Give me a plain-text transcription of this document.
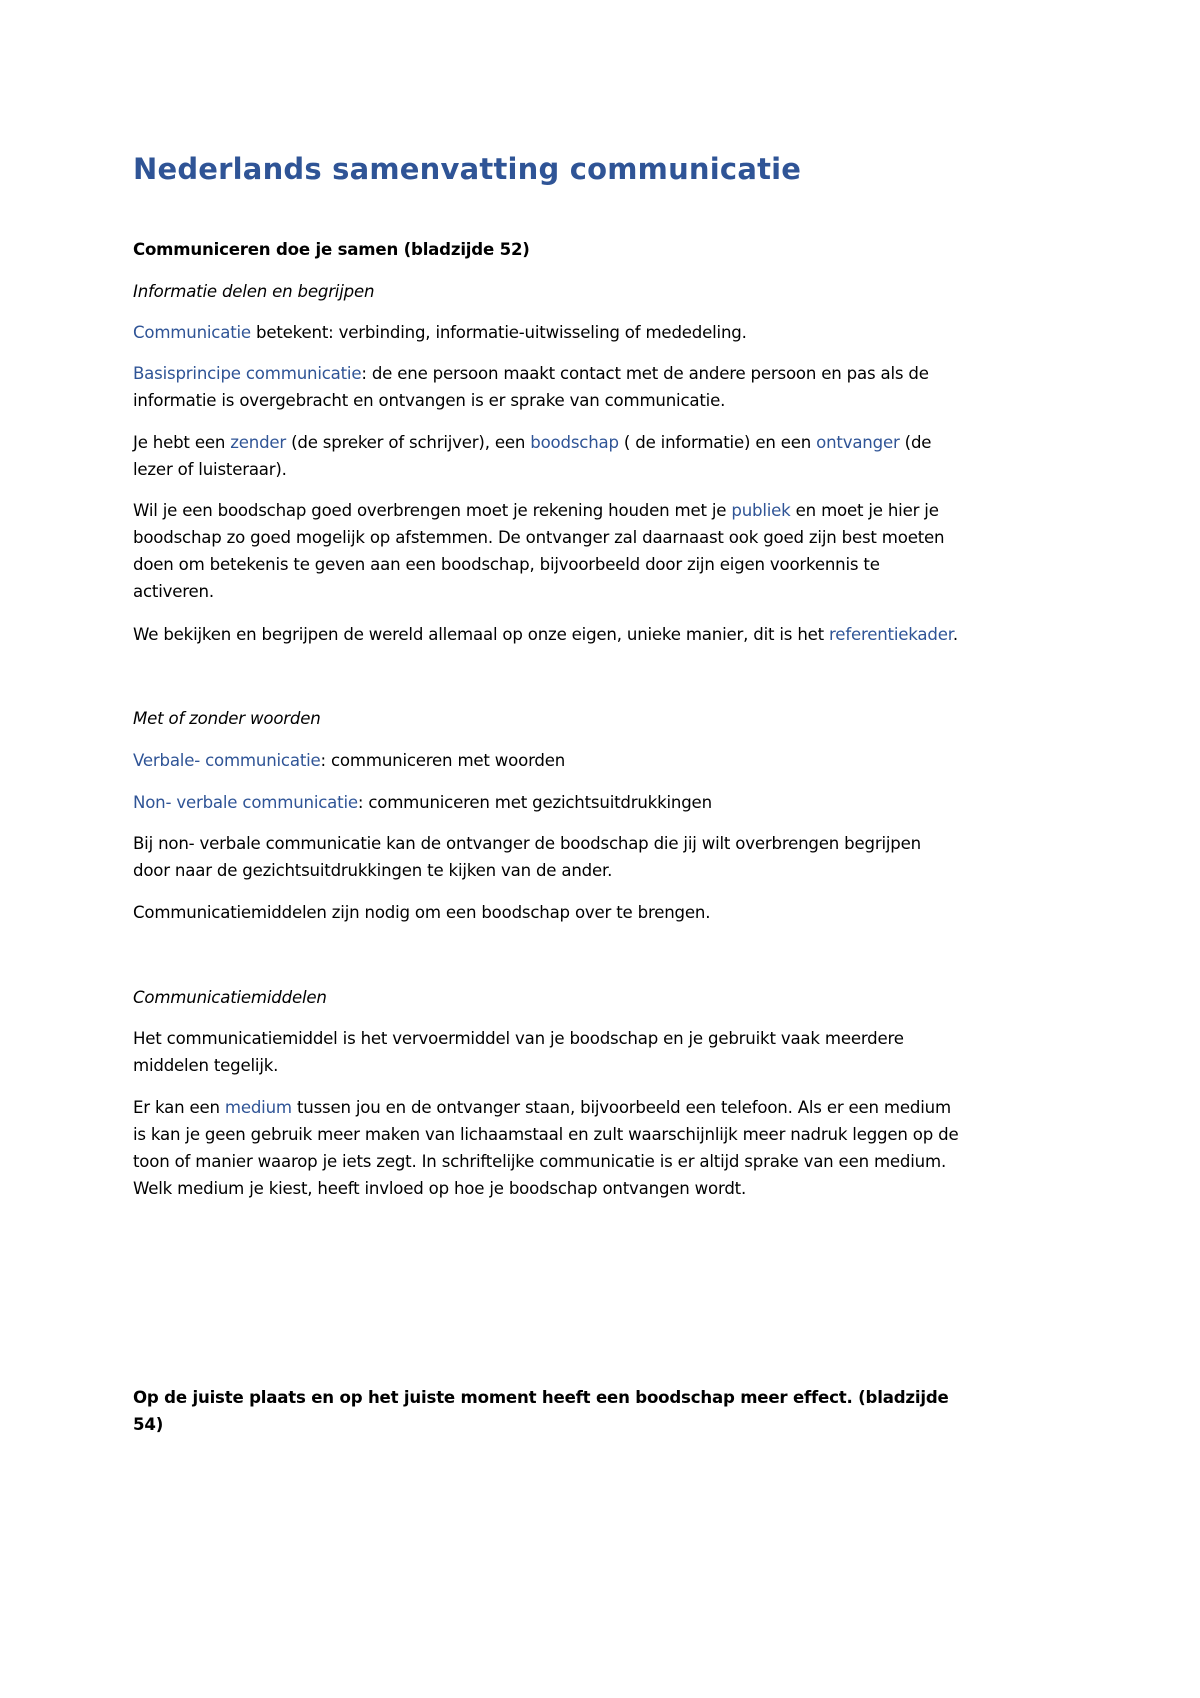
Nederlands samenvatting communicatie
Communiceren doe je samen (bladzijde 52)
Informatie delen en begrijpen
Communicatie betekent: verbinding, informatie-uitwisseling of mededeling.
Basisprincipe communicatie: de ene persoon maakt contact met de andere persoon en pas als de
informatie is overgebracht en ontvangen is er sprake van communicatie.
Je hebt een zender (de spreker of schrijver), een boodschap ( de informatie) en een ontvanger (de
lezer of luisteraar).
Wil je een boodschap goed overbrengen moet je rekening houden met je publiek en moet je hier je
boodschap zo goed mogelijk op afstemmen. De ontvanger zal daarnaast ook goed zijn best moeten
doen om betekenis te geven aan een boodschap, bijvoorbeeld door zijn eigen voorkennis te
activeren.
We bekijken en begrijpen de wereld allemaal op onze eigen, unieke manier, dit is het referentiekader.
Met of zonder woorden
Verbale- communicatie: communiceren met woorden
Non- verbale communicatie: communiceren met gezichtsuitdrukkingen
Bij non- verbale communicatie kan de ontvanger de boodschap die jij wilt overbrengen begrijpen
door naar de gezichtsuitdrukkingen te kijken van de ander.
Communicatiemiddelen zijn nodig om een boodschap over te brengen.
Communicatiemiddelen
Het communicatiemiddel is het vervoermiddel van je boodschap en je gebruikt vaak meerdere
middelen tegelijk.
Er kan een medium tussen jou en de ontvanger staan, bijvoorbeeld een telefoon. Als er een medium
is kan je geen gebruik meer maken van lichaamstaal en zult waarschijnlijk meer nadruk leggen op de
toon of manier waarop je iets zegt. In schriftelijke communicatie is er altijd sprake van een medium.
Welk medium je kiest, heeft invloed op hoe je boodschap ontvangen wordt.
Op de juiste plaats en op het juiste moment heeft een boodschap meer effect. (bladzijde 54)
